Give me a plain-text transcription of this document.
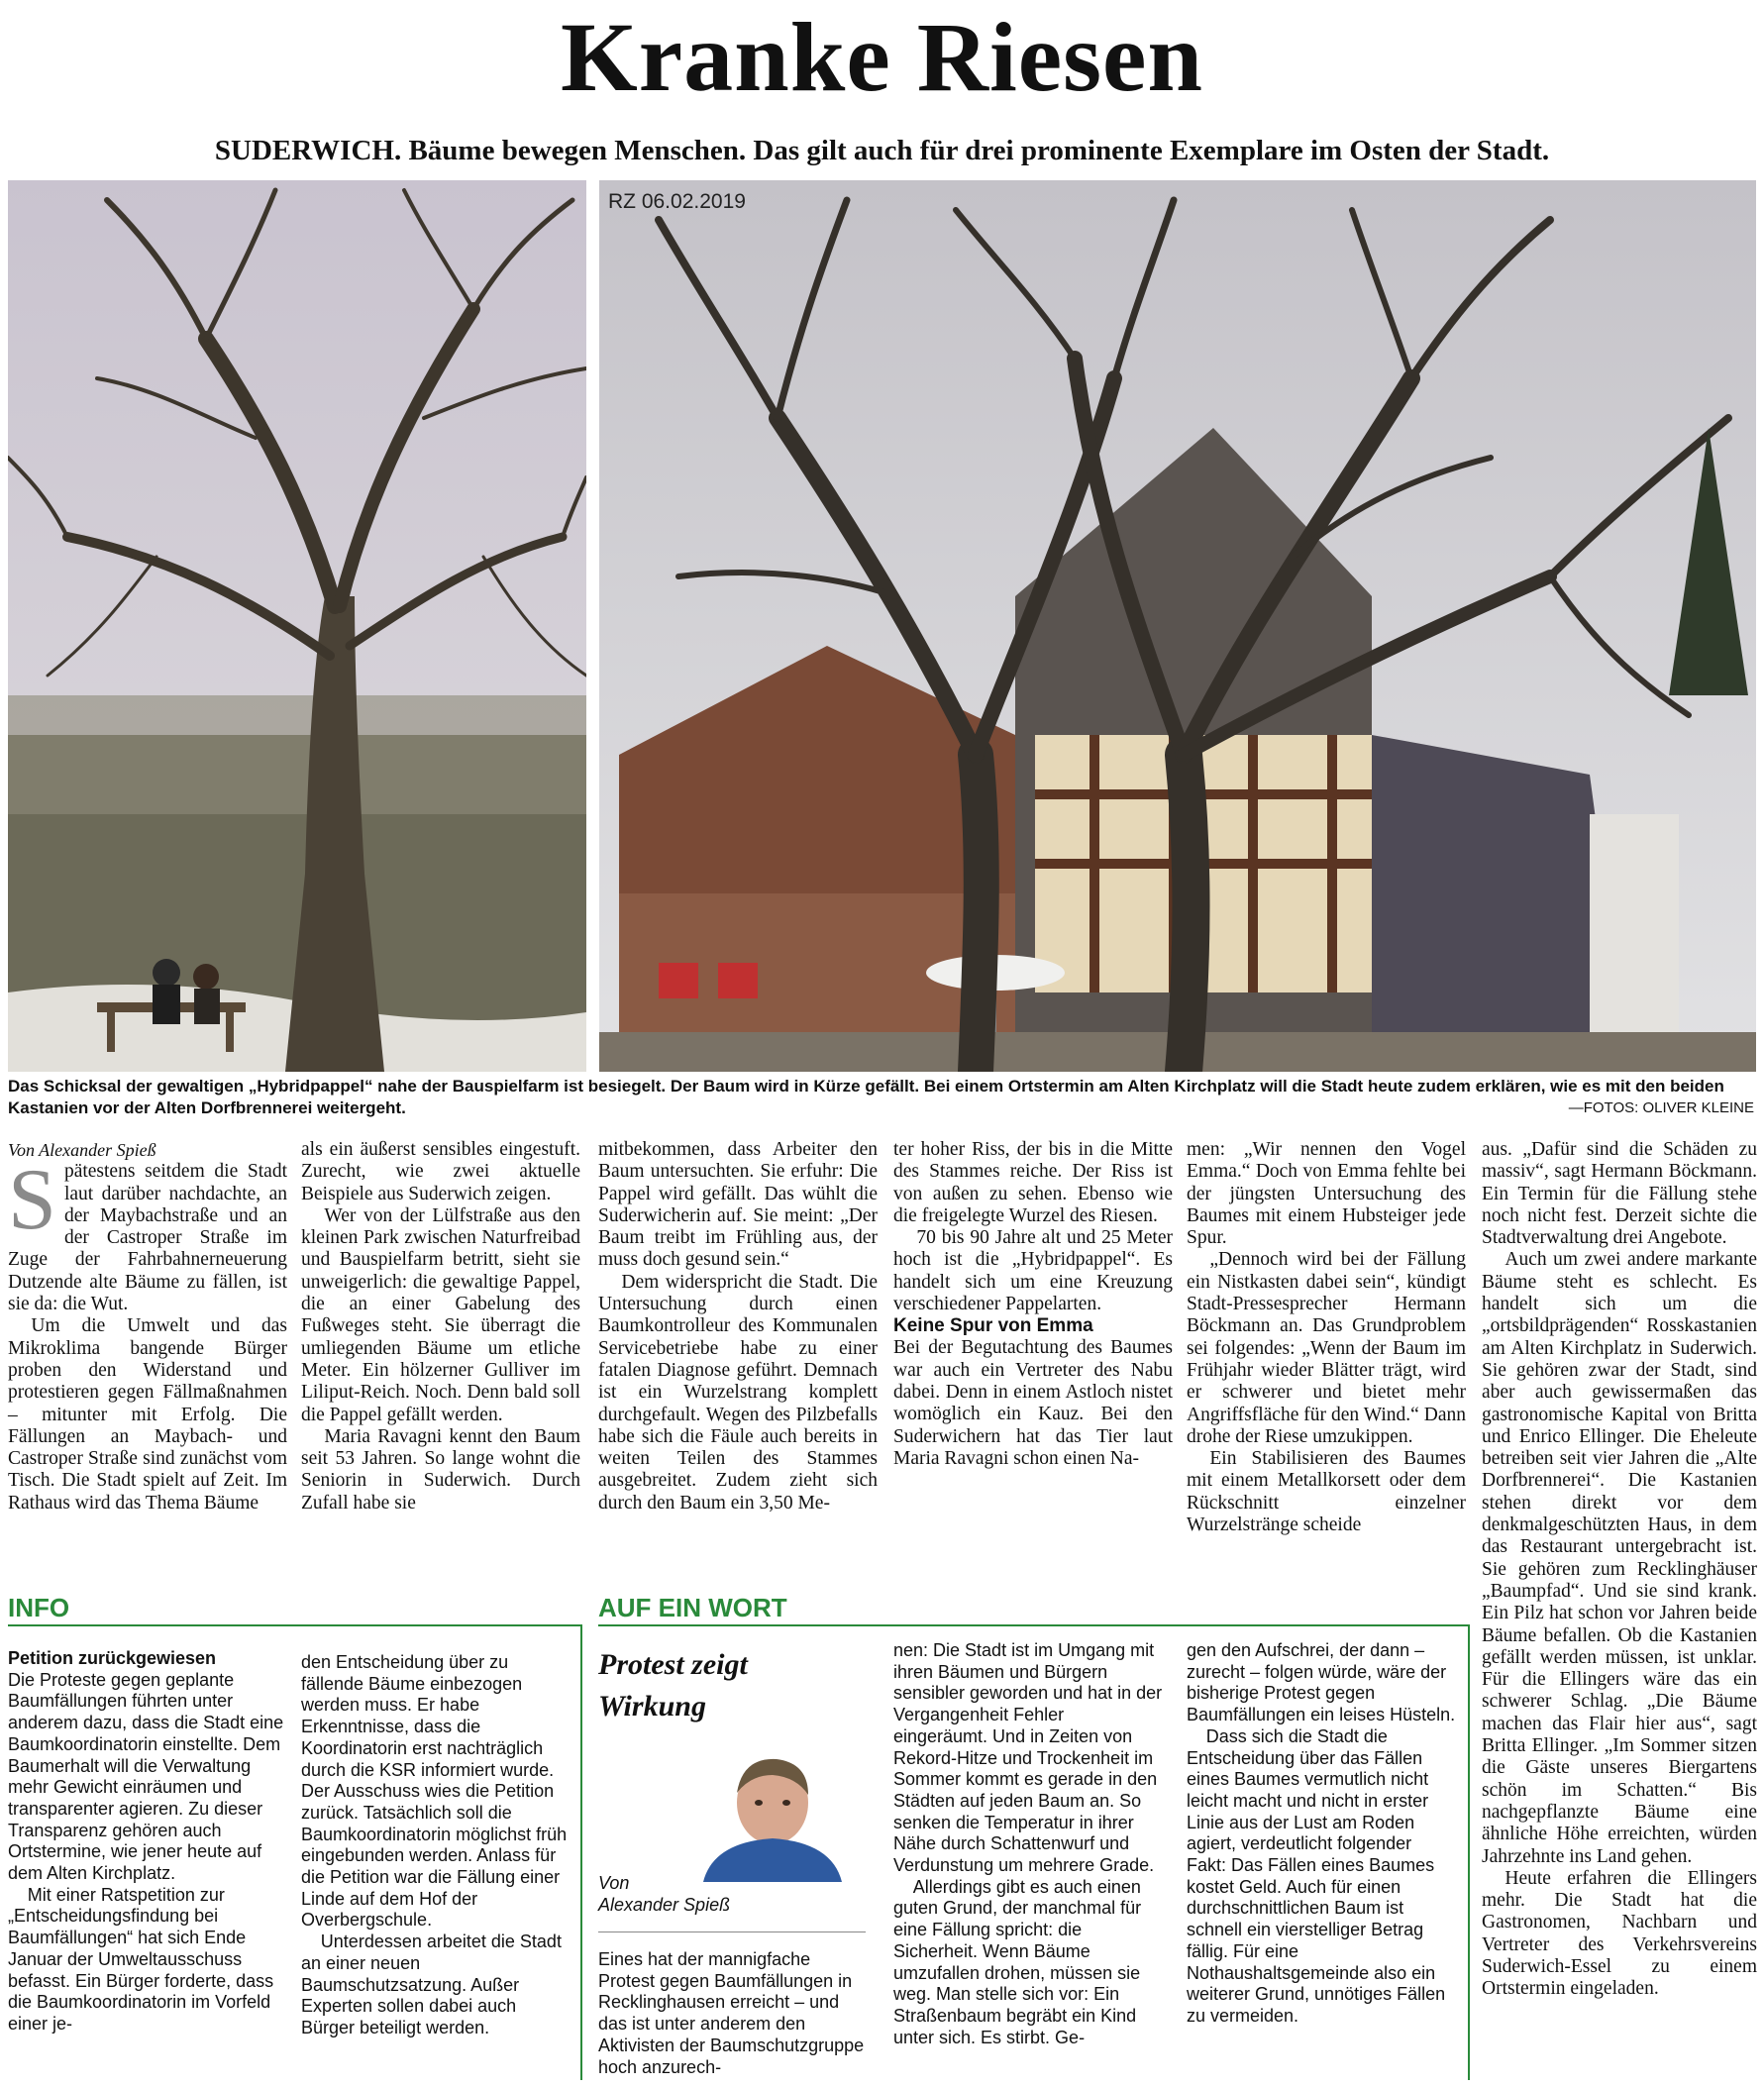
Kranke Riesen
SUDERWICH. Bäume bewegen Menschen. Das gilt auch für drei prominente Exemplare im Osten der Stadt.
RZ 06.02.2019
Das Schicksal der gewaltigen „Hybridpappel“ nahe der Bauspielfarm ist besiegelt. Der Baum wird in Kürze gefällt. Bei einem Ortstermin am Alten Kirchplatz will die Stadt heute zudem erklären, wie es mit den beiden Kastanien vor der Alten Dorfbrennerei weitergeht.	—FOTOS: OLIVER KLEINE

Von Alexander Spieß

Spätestens seitdem die Stadt laut darüber nachdachte, an der Maybachstraße und an der Castroper Straße im Zuge der Fahrbahnerneuerung Dutzende alte Bäume zu fällen, ist sie da: die Wut.

Um die Umwelt und das Mikroklima bangende Bürger proben den Widerstand und protestieren gegen Fällmaßnahmen – mitunter mit Erfolg. Die Fällungen an Maybach- und Castroper Straße sind zunächst vom Tisch. Die Stadt spielt auf Zeit. Im Rathaus wird das Thema Bäume

als ein äußerst sensibles eingestuft. Zurecht, wie zwei aktuelle Beispiele aus Suderwich zeigen.

Wer von der Lülfstraße aus den kleinen Park zwischen Naturfreibad und Bauspielfarm betritt, sieht sie unweigerlich: die gewaltige Pappel, die an einer Gabelung des Fußweges steht. Sie überragt die umliegenden Bäume um etliche Meter. Ein hölzerner Gulliver im Liliput-Reich. Noch. Denn bald soll die Pappel gefällt werden.

Maria Ravagni kennt den Baum seit 53 Jahren. So lange wohnt die Seniorin in Suderwich. Durch Zufall habe sie

mitbekommen, dass Arbeiter den Baum untersuchten. Sie erfuhr: Die Pappel wird gefällt. Das wühlt die Suderwicherin auf. Sie meint: „Der Baum treibt im Frühling aus, der muss doch gesund sein.“

Dem widerspricht die Stadt. Die Untersuchung durch einen Baumkontrolleur des Kommunalen Servicebetriebe habe zu einer fatalen Diagnose geführt. Demnach ist ein Wurzelstrang komplett durchgefault. Wegen des Pilzbefalls habe sich die Fäule auch bereits in weiten Teilen des Stammes ausgebreitet. Zudem zieht sich durch den Baum ein 3,50 Me-

ter hoher Riss, der bis in die Mitte des Stammes reiche. Der Riss ist von außen zu sehen. Ebenso wie die freigelegte Wurzel des Riesen.

70 bis 90 Jahre alt und 25 Meter hoch ist die „Hybridpappel“. Es handelt sich um eine Kreuzung verschiedener Pappelarten.

Keine Spur von Emma

Bei der Begutachtung des Baumes war auch ein Vertreter des Nabu dabei. Denn in einem Astloch nistet womöglich ein Kauz. Bei den Suderwichern hat das Tier laut Maria Ravagni schon einen Na-

men: „Wir nennen den Vogel Emma.“ Doch von Emma fehlte bei der jüngsten Untersuchung des Baumes mit einem Hubsteiger jede Spur.

„Dennoch wird bei der Fällung ein Nistkasten dabei sein“, kündigt Stadt-Pressesprecher Hermann Böckmann an. Das Grundproblem sei folgendes: „Wenn der Baum im Frühjahr wieder Blätter trägt, wird er schwerer und bietet mehr Angriffsfläche für den Wind.“ Dann drohe der Riese umzukippen.

Ein Stabilisieren des Baumes mit einem Metallkorsett oder dem Rückschnitt einzelner Wurzelstränge scheide

aus. „Dafür sind die Schäden zu massiv“, sagt Hermann Böckmann. Ein Termin für die Fällung stehe noch nicht fest. Derzeit sichte die Stadtverwaltung drei Angebote.

Auch um zwei andere markante Bäume steht es schlecht. Es handelt sich um die „ortsbildprägenden“ Rosskastanien am Alten Kirchplatz in Suderwich. Sie gehören zwar der Stadt, sind aber auch gewissermaßen das gastronomische Kapital von Britta und Enrico Ellinger. Die Eheleute betreiben seit vier Jahren die „Alte Dorfbrennerei“. Die Kastanien stehen direkt vor dem denkmalgeschützten Haus, in dem das Restaurant untergebracht ist. Sie gehören zum Recklinghäuser „Baumpfad“. Und sie sind krank. Ein Pilz hat schon vor Jahren beide Bäume befallen. Ob die Kastanien gefällt werden müssen, ist unklar. Für die Ellingers wäre das ein schwerer Schlag. „Die Bäume machen das Flair hier aus“, sagt Britta Ellinger. „Im Sommer sitzen die Gäste unseres Biergartens schön im Schatten.“ Bis nachgepflanzte Bäume eine ähnliche Höhe erreichten, würden Jahrzehnte ins Land gehen.

Heute erfahren die Ellingers mehr. Die Stadt hat die Gastronomen, Nachbarn und Vertreter des Verkehrsvereins Suderwich-Essel zu einem Ortstermin eingeladen.

INFO

Petition zurückgewiesen

Die Proteste gegen geplante Baumfällungen führten unter anderem dazu, dass die Stadt eine Baumkoordinatorin einstellte. Dem Baumerhalt will die Verwaltung mehr Gewicht einräumen und transparenter agieren. Zu dieser Transparenz gehören auch Ortstermine, wie jener heute auf dem Alten Kirchplatz.

Mit einer Ratspetition zur „Entscheidungsfindung bei Baumfällungen“ hat sich Ende Januar der Umweltausschuss befasst. Ein Bürger forderte, dass die Baumkoordinatorin im Vorfeld einer je-

den Entscheidung über zu fällende Bäume einbezogen werden muss. Er habe Erkenntnisse, dass die Koordinatorin erst nachträglich durch die KSR informiert wurde. Der Ausschuss wies die Petition zurück. Tatsächlich soll die Baumkoordinatorin möglichst früh eingebunden werden. Anlass für die Petition war die Fällung einer Linde auf dem Hof der Overbergschule.

Unterdessen arbeitet die Stadt an einer neuen Baumschutzsatzung. Außer Experten sollen dabei auch Bürger beteiligt werden.

AUF EIN WORT
Protest zeigt Wirkung
Von
Alexander Spieß

Eines hat der mannigfache Protest gegen Baumfällungen in Recklinghausen erreicht – und das ist unter anderem den Aktivisten der Baumschutzgruppe hoch anzurech-

nen: Die Stadt ist im Umgang mit ihren Bäumen und Bürgern sensibler geworden und hat in der Vergangenheit Fehler eingeräumt. Und in Zeiten von Rekord-Hitze und Trockenheit im Sommer kommt es gerade in den Städten auf jeden Baum an. So senken die Temperatur in ihrer Nähe durch Schattenwurf und Verdunstung um mehrere Grade.

Allerdings gibt es auch einen guten Grund, der manchmal für eine Fällung spricht: die Sicherheit. Wenn Bäume umzufallen drohen, müssen sie weg. Man stelle sich vor: Ein Straßenbaum begräbt ein Kind unter sich. Es stirbt. Ge-

gen den Aufschrei, der dann – zurecht – folgen würde, wäre der bisherige Protest gegen Baumfällungen ein leises Hüsteln.

Dass sich die Stadt die Entscheidung über das Fällen eines Baumes vermutlich nicht leicht macht und nicht in erster Linie aus der Lust am Roden agiert, verdeutlicht folgender Fakt: Das Fällen eines Baumes kostet Geld. Auch für einen durchschnittlichen Baum ist schnell ein vierstelliger Betrag fällig. Für eine Nothaushaltsgemeinde also ein weiterer Grund, unnötiges Fällen zu vermeiden.
